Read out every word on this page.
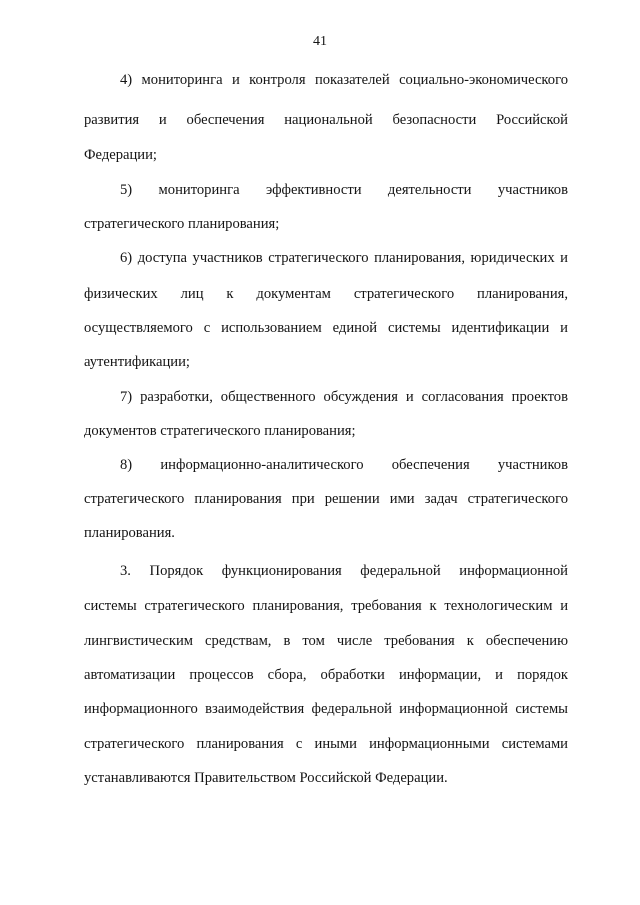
41
4) мониторинга и контроля показателей социально-экономического
развития и обеспечения национальной безопасности Российской
Федерации;
5) мониторинга эффективности деятельности участников
стратегического планирования;
6) доступа участников стратегического планирования, юридических и
физических лиц к документам стратегического планирования,
осуществляемого с использованием единой системы идентификации и
аутентификации;
7) разработки, общественного обсуждения и согласования проектов
документов стратегического планирования;
8) информационно-аналитического обеспечения участников
стратегического планирования при решении ими задач стратегического
планирования.
3. Порядок функционирования федеральной информационной
системы стратегического планирования, требования к технологическим и
лингвистическим средствам, в том числе требования к обеспечению
автоматизации процессов сбора, обработки информации, и порядок
информационного взаимодействия федеральной информационной системы
стратегического планирования с иными информационными системами
устанавливаются Правительством Российской Федерации.
